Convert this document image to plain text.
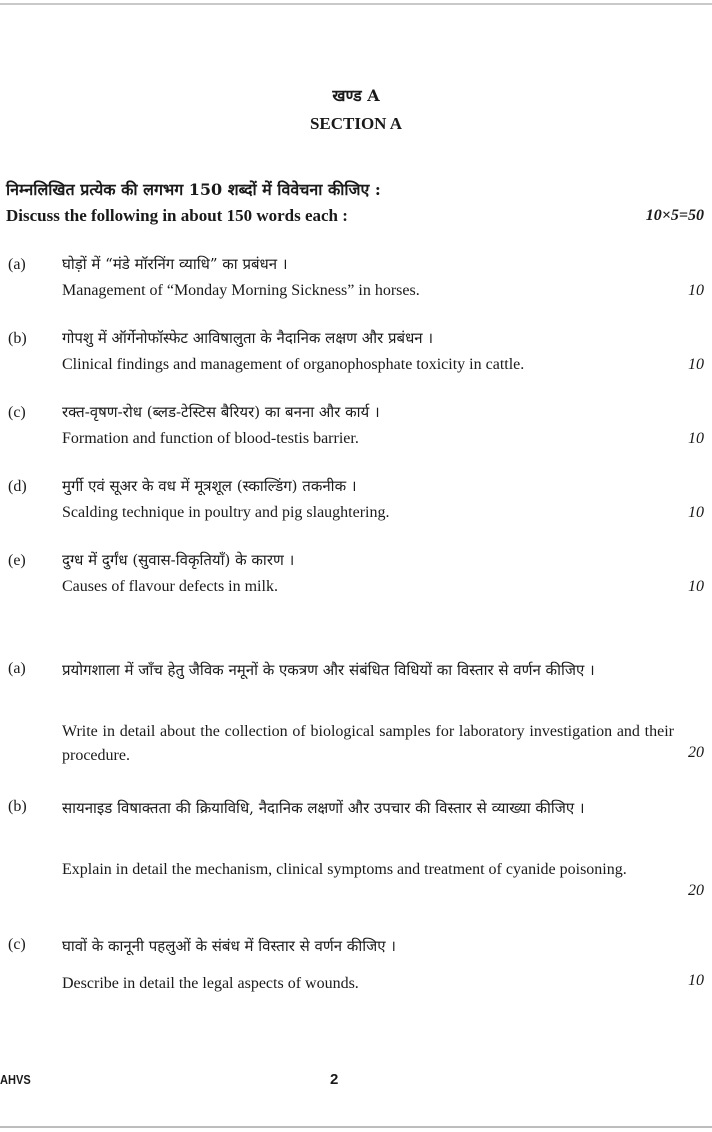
खण्ड A
SECTION A
निम्नलिखित प्रत्येक की लगभग 150 शब्दों में विवेचना कीजिए :
Discuss the following in about 150 words each :	10×5=50
(a) घोड़ों में “मंडे मॉरनिंग व्याधि” का प्रबंधन ।
Management of “Monday Morning Sickness” in horses.	10
(b) गोपशु में ऑर्गेनोफॉस्फेट आविषालुता के नैदानिक लक्षण और प्रबंधन ।
Clinical findings and management of organophosphate toxicity in cattle.	10
(c) रक्त-वृषण-रोध (ब्लड-टेस्टिस बैरियर) का बनना और कार्य ।
Formation and function of blood-testis barrier.	10
(d) मुर्गी एवं सूअर के वध में मूत्रशूल (स्काल्डिंग) तकनीक ।
Scalding technique in poultry and pig slaughtering.	10
(e) दुग्ध में दुर्गंध (सुवास-विकृतियाँ) के कारण ।
Causes of flavour defects in milk.	10
(a) प्रयोगशाला में जाँच हेतु जैविक नमूनों के एकत्रण और संबंधित विधियों का विस्तार से वर्णन कीजिए ।
Write in detail about the collection of biological samples for laboratory investigation and their procedure.	20
(b) सायनाइड विषाक्तता की क्रियाविधि, नैदानिक लक्षणों और उपचार की विस्तार से व्याख्या कीजिए ।
Explain in detail the mechanism, clinical symptoms and treatment of cyanide poisoning.
20
(c) घावों के कानूनी पहलुओं के संबंध में विस्तार से वर्णन कीजिए ।
Describe in detail the legal aspects of wounds.	10
AHVS	2
